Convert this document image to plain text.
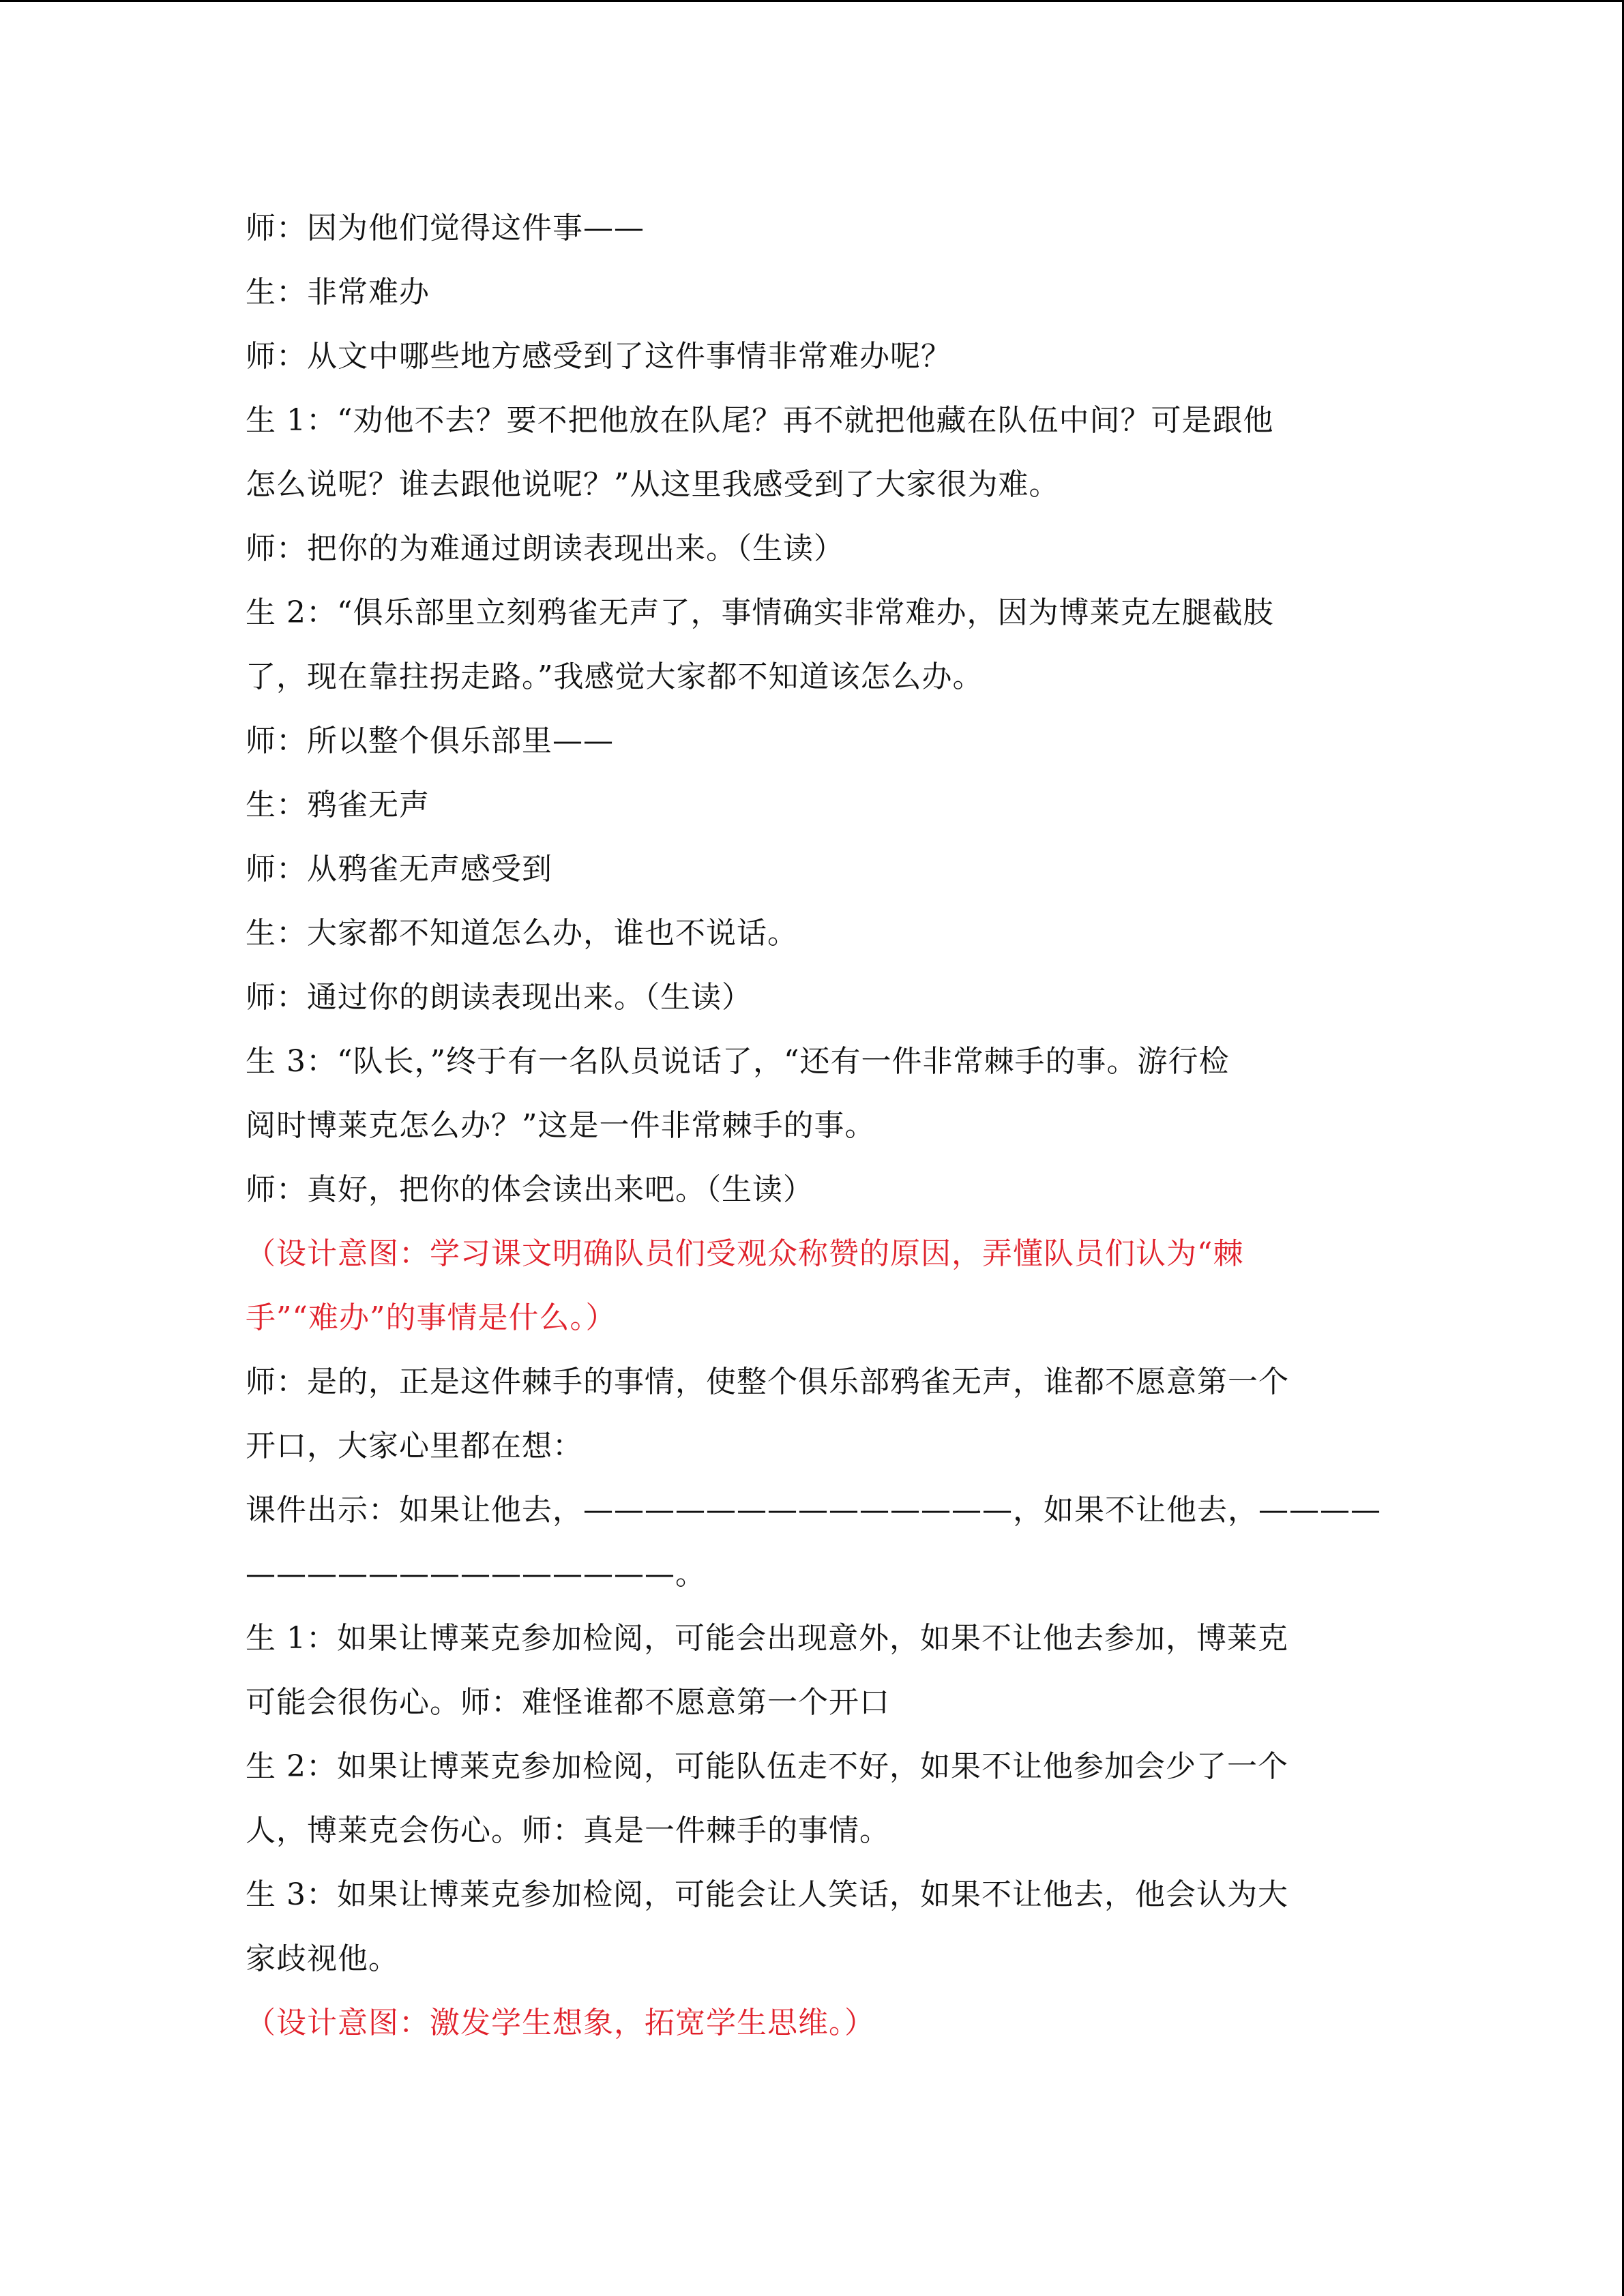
师：因为他们觉得这件事——
生：非常难办
师：从文中哪些地方感受到了这件事情非常难办呢？
生 1：“劝他不去？要不把他放在队尾？再不就把他藏在队伍中间？可是跟他
怎么说呢？谁去跟他说呢？”从这里我感受到了大家很为难。
师：把你的为难通过朗读表现出来。（生读）
生 2：“俱乐部里立刻鸦雀无声了，事情确实非常难办，因为博莱克左腿截肢
了，现在靠拄拐走路。”我感觉大家都不知道该怎么办。
师：所以整个俱乐部里——
生：鸦雀无声
师：从鸦雀无声感受到
生：大家都不知道怎么办，谁也不说话。
师：通过你的朗读表现出来。（生读）
生 3：“队长，”终于有一名队员说话了，“还有一件非常棘手的事。游行检
阅时博莱克怎么办？”这是一件非常棘手的事。
师：真好，把你的体会读出来吧。（生读）
（设计意图：学习课文明确队员们受观众称赞的原因，弄懂队员们认为“棘
手”“难办”的事情是什么。）
师：是的，正是这件棘手的事情，使整个俱乐部鸦雀无声，谁都不愿意第一个
开口，大家心里都在想：
课件出示：如果让他去，——————————————，如果不让他去，————
——————————————。
生 1：如果让博莱克参加检阅，可能会出现意外，如果不让他去参加，博莱克
可能会很伤心。师：难怪谁都不愿意第一个开口
生 2：如果让博莱克参加检阅，可能队伍走不好，如果不让他参加会少了一个
人，博莱克会伤心。师：真是一件棘手的事情。
生 3：如果让博莱克参加检阅，可能会让人笑话，如果不让他去，他会认为大
家歧视他。
（设计意图：激发学生想象，拓宽学生思维。）
